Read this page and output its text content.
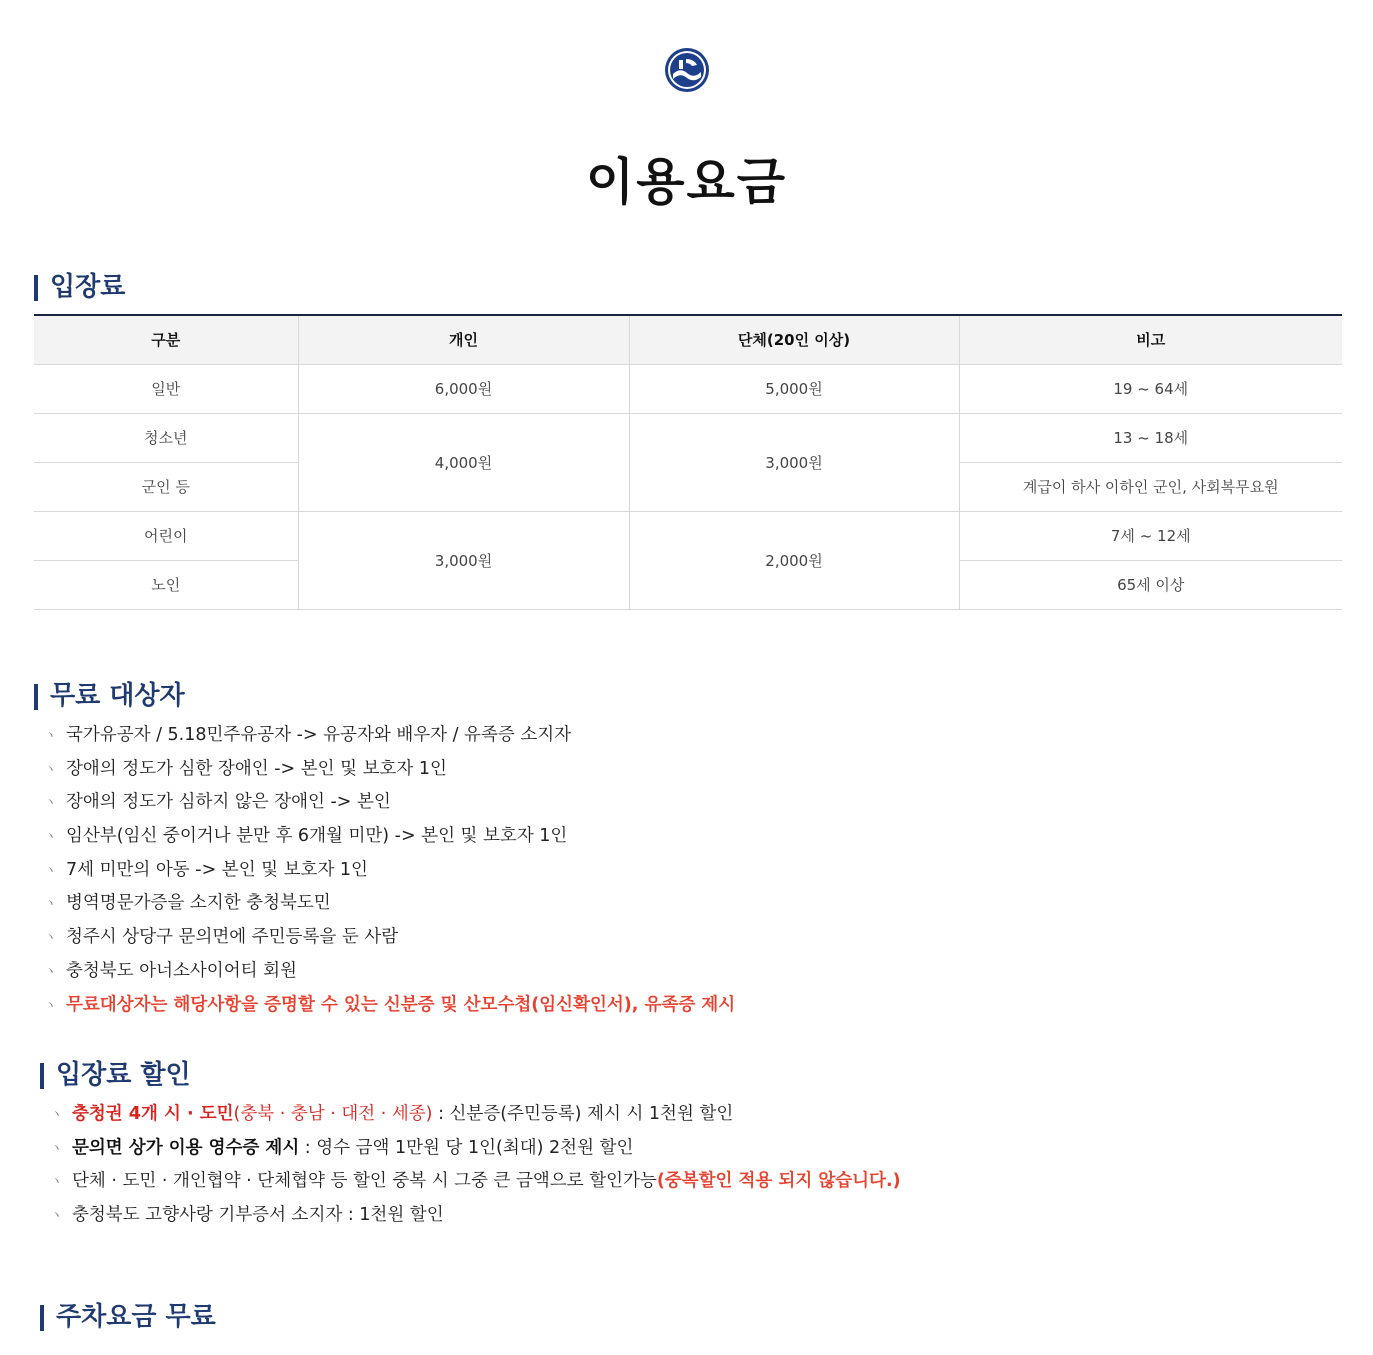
이용요금
입장료
구분	개인	단체(20인 이상)	비고
일반	6,000원	5,000원	19 ~ 64세
청소년	4,000원	3,000원	13 ~ 18세
군인 등			계급이 하사 이하인 군인, 사회복무요원
어린이	3,000원	2,000원	7세 ~ 12세
노인			65세 이상
무료 대상자
ヽ 국가유공자 / 5.18민주유공자 -> 유공자와 배우자 / 유족증 소지자
ヽ 장애의 정도가 심한 장애인 -> 본인 및 보호자 1인
ヽ 장애의 정도가 심하지 않은 장애인 -> 본인
ヽ 임산부(임신 중이거나 분만 후 6개월 미만) -> 본인 및 보호자 1인
ヽ 7세 미만의 아동 -> 본인 및 보호자 1인
ヽ 병역명문가증을 소지한 충청북도민
ヽ 청주시 상당구 문의면에 주민등록을 둔 사람
ヽ 충청북도 아너소사이어티 회원
ヽ 무료대상자는 해당사항을 증명할 수 있는 신분증 및 산모수첩(임신확인서), 유족증 제시
입장료 할인
ヽ 충청권 4개 시 · 도민(충북 · 충남 · 대전 · 세종) : 신분증(주민등록) 제시 시 1천원 할인
ヽ 문의면 상가 이용 영수증 제시 : 영수 금액 1만원 당 1인(최대) 2천원 할인
ヽ 단체 · 도민 · 개인협약 · 단체협약 등 할인 중복 시 그중 큰 금액으로 할인가능(중복할인 적용 되지 않습니다.)
ヽ 충청북도 고향사랑 기부증서 소지자 : 1천원 할인
주차요금 무료
